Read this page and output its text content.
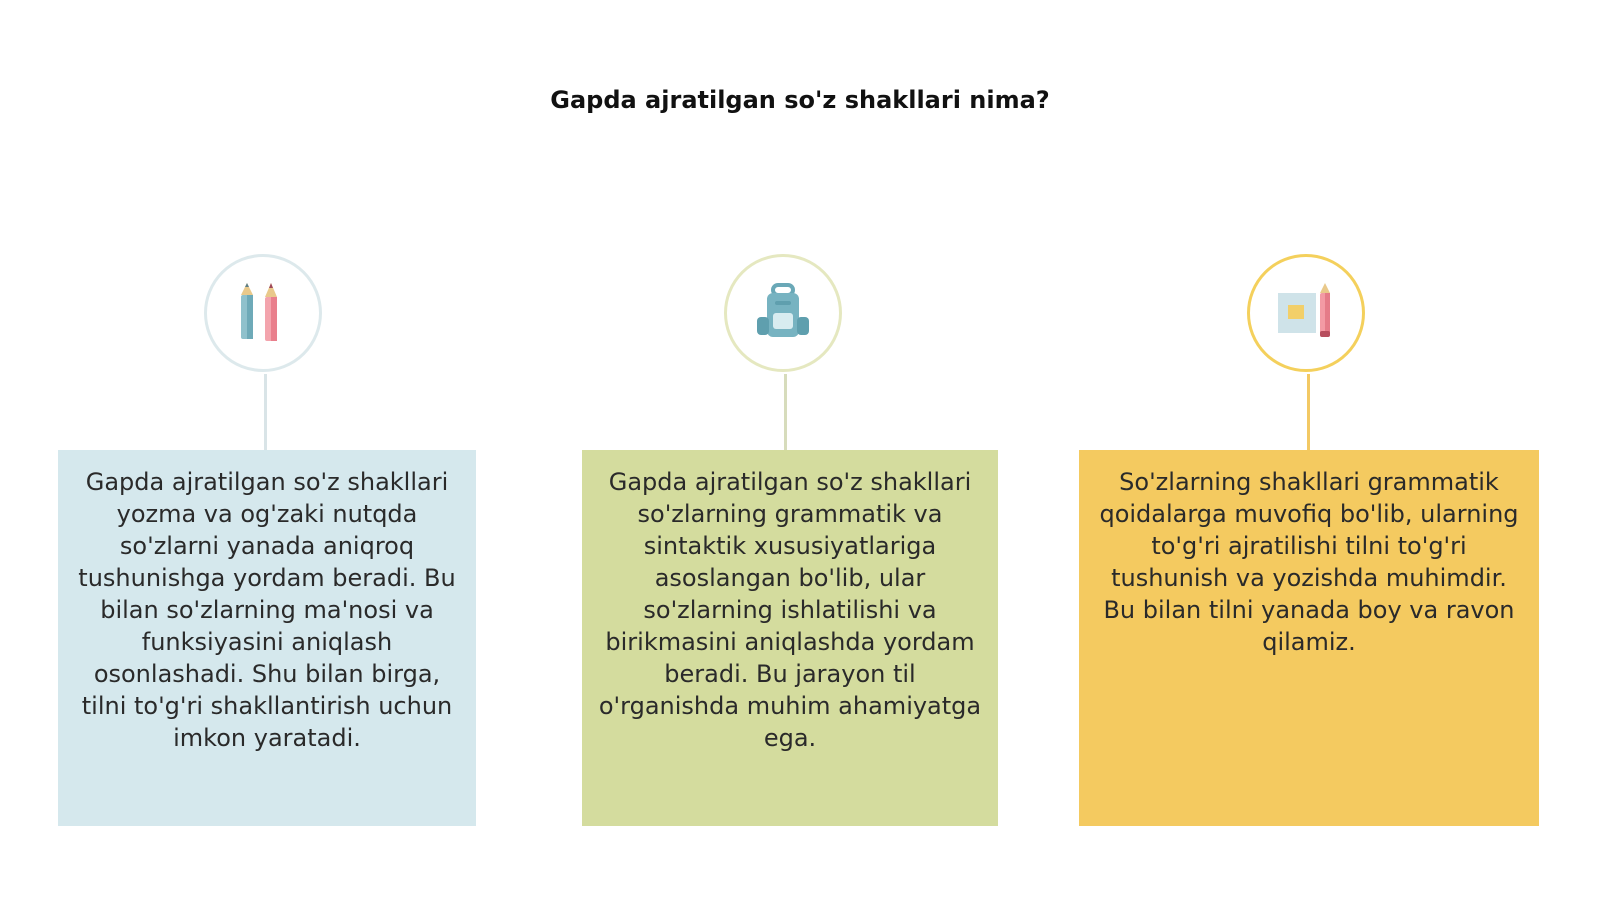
Gapda ajratilgan so'z shakllari nima?
Gapda ajratilgan so'z shakllari yozma va og'zaki nutqda so'zlarni yanada aniqroq tushunishga yordam beradi. Bu bilan so'zlarning ma'nosi va funksiyasini aniqlash osonlashadi. Shu bilan birga, tilni to'g'ri shakllantirish uchun imkon yaratadi.
Gapda ajratilgan so'z shakllari so'zlarning grammatik va sintaktik xususiyatlariga asoslangan bo'lib, ular so'zlarning ishlatilishi va birikmasini aniqlashda yordam beradi. Bu jarayon til o'rganishda muhim ahamiyatga ega.
So'zlarning shakllari grammatik qoidalarga muvofiq bo'lib, ularning to'g'ri ajratilishi tilni to'g'ri tushunish va yozishda muhimdir. Bu bilan tilni yanada boy va ravon qilamiz.
